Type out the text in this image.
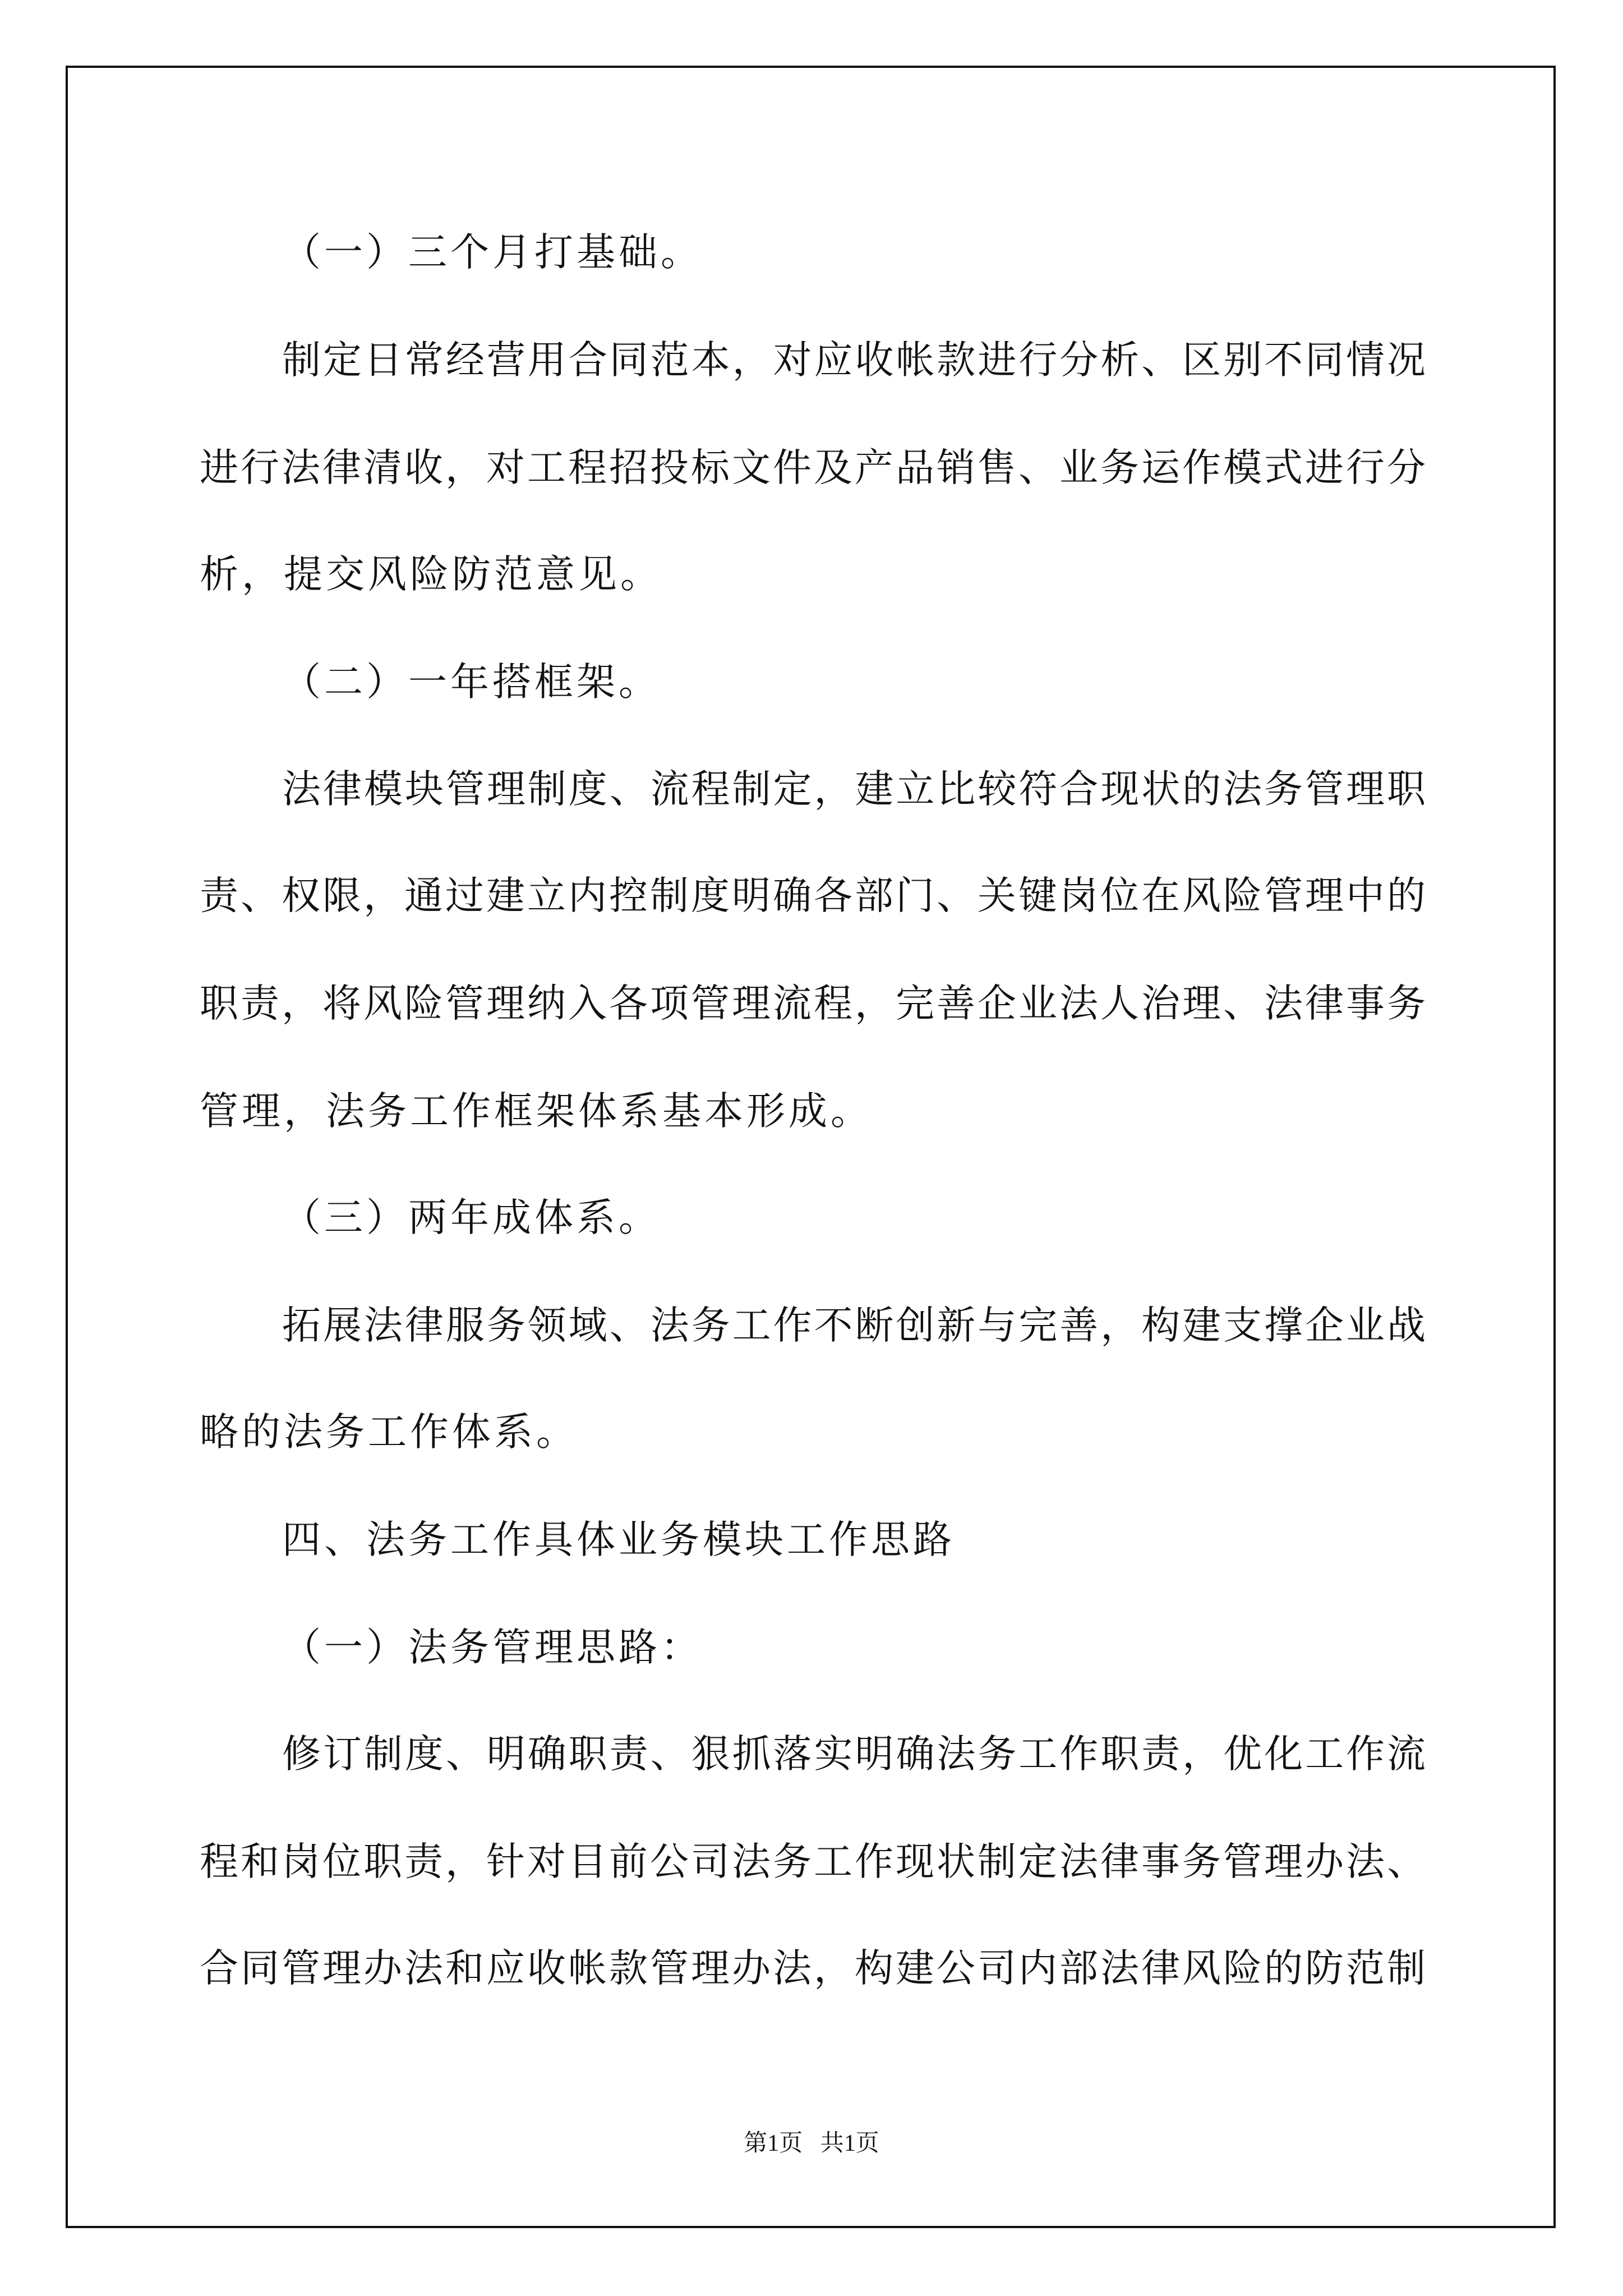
（一）三个月打基础。
制定日常经营用合同范本，对应收帐款进行分析、区别不同情况
进行法律清收，对工程招投标文件及产品销售、业务运作模式进行分
析，提交风险防范意见。
（二）一年搭框架。
法律模块管理制度、流程制定，建立比较符合现状的法务管理职
责、权限，通过建立内控制度明确各部门、关键岗位在风险管理中的
职责，将风险管理纳入各项管理流程，完善企业法人治理、法律事务
管理，法务工作框架体系基本形成。
（三）两年成体系。
拓展法律服务领域、法务工作不断创新与完善，构建支撑企业战
略的法务工作体系。
四、法务工作具体业务模块工作思路
（一）法务管理思路：
修订制度、明确职责、狠抓落实明确法务工作职责，优化工作流
程和岗位职责，针对目前公司法务工作现状制定法律事务管理办法、
合同管理办法和应收帐款管理办法，构建公司内部法律风险的防范制
第1页   共1页
